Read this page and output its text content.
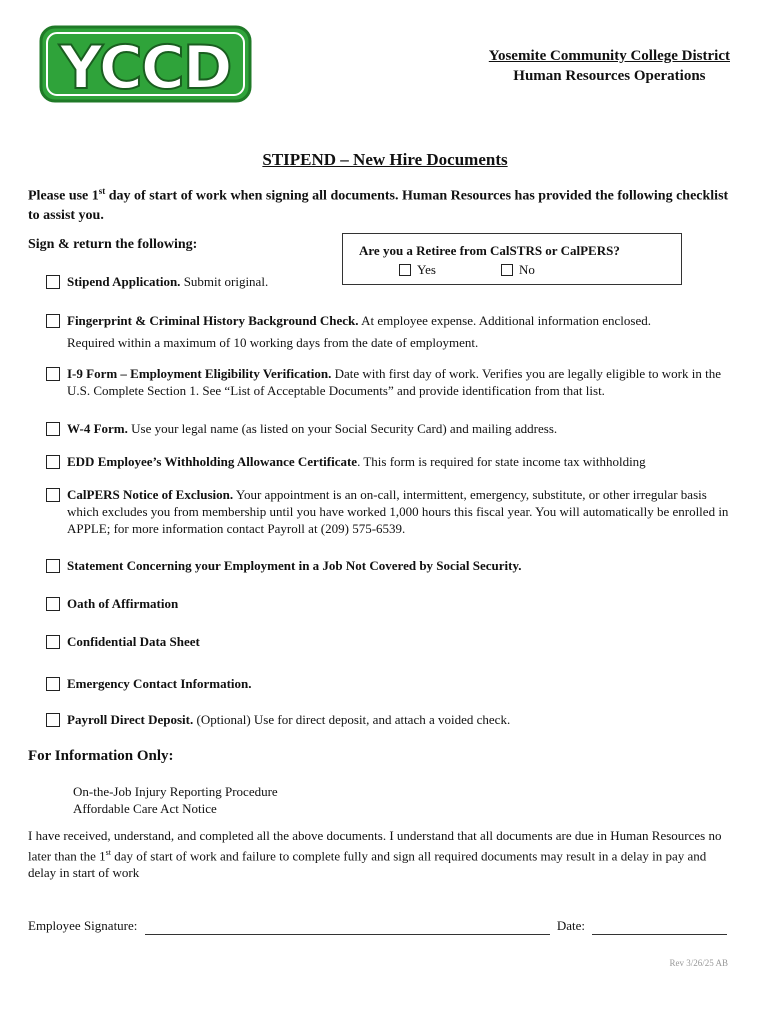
YCCD	Yosemite Community College District
Human Resources Operations
STIPEND – New Hire Documents
Please use 1st day of start of work when signing all documents. Human Resources has provided the following checklist to assist you.
Sign & return the following:	Are you a Retiree from CalSTRS or CalPERS?
Yes	No
Stipend Application. Submit original.
Fingerprint & Criminal History Background Check. At employee expense. Additional information enclosed.
Required within a maximum of 10 working days from the date of employment.
I-9 Form – Employment Eligibility Verification. Date with first day of work. Verifies you are legally eligible to work in the U.S. Complete Section 1. See “List of Acceptable Documents” and provide identification from that list.
W-4 Form. Use your legal name (as listed on your Social Security Card) and mailing address.
EDD Employee’s Withholding Allowance Certificate. This form is required for state income tax withholding
CalPERS Notice of Exclusion. Your appointment is an on-call, intermittent, emergency, substitute, or other irregular basis which excludes you from membership until you have worked 1,000 hours this fiscal year. You will automatically be enrolled in APPLE; for more information contact Payroll at (209) 575-6539.
Statement Concerning your Employment in a Job Not Covered by Social Security.
Oath of Affirmation
Confidential Data Sheet
Emergency Contact Information.
Payroll Direct Deposit. (Optional) Use for direct deposit, and attach a voided check.
For Information Only:
On-the-Job Injury Reporting Procedure
Affordable Care Act Notice
I have received, understand, and completed all the above documents. I understand that all documents are due in Human Resources no later than the 1st day of start of work and failure to complete fully and sign all required documents may result in a delay in pay and delay in start of work
Employee Signature:	Date:
Rev 3/26/25 AB
